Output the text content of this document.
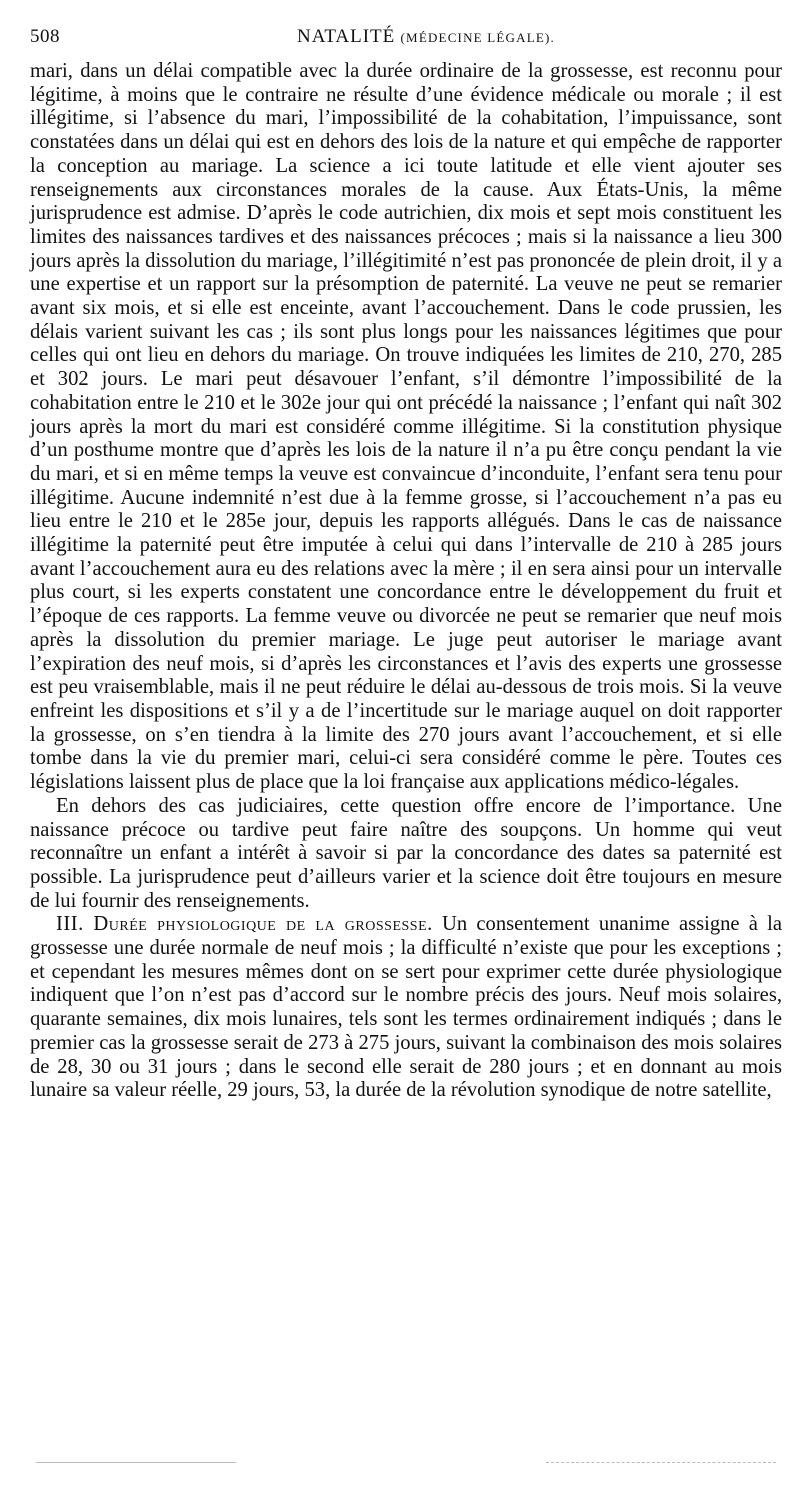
508	NATALITÉ (MÉDECINE LÉGALE).

mari, dans un délai compatible avec la durée ordinaire de la grossesse, est reconnu pour légitime, à moins que le contraire ne résulte d’une évidence médicale ou morale ; il est illégitime, si l’absence du mari, l’impossibilité de la cohabitation, l’impuissance, sont constatées dans un délai qui est en dehors des lois de la nature et qui empêche de rapporter la conception au mariage. La science a ici toute latitude et elle vient ajouter ses renseignements aux circonstances morales de la cause. Aux États-Unis, la même jurisprudence est admise. D’après le code autrichien, dix mois et sept mois constituent les limites des naissances tardives et des naissances précoces ; mais si la naissance a lieu 300 jours après la dissolution du mariage, l’illégitimité n’est pas prononcée de plein droit, il y a une expertise et un rapport sur la présomption de paternité. La veuve ne peut se remarier avant six mois, et si elle est enceinte, avant l’accouchement. Dans le code prussien, les délais varient suivant les cas ; ils sont plus longs pour les naissances légitimes que pour celles qui ont lieu en dehors du mariage. On trouve indiquées les limites de 210, 270, 285 et 302 jours. Le mari peut désavouer l’enfant, s’il démontre l’impossibilité de la cohabitation entre le 210 et le 302e jour qui ont précédé la naissance ; l’enfant qui naît 302 jours après la mort du mari est considéré comme illégitime. Si la constitution physique d’un posthume montre que d’après les lois de la nature il n’a pu être conçu pendant la vie du mari, et si en même temps la veuve est convaincue d’inconduite, l’enfant sera tenu pour illégitime. Aucune indemnité n’est due à la femme grosse, si l’accouchement n’a pas eu lieu entre le 210 et le 285e jour, depuis les rapports allégués. Dans le cas de naissance illégitime la paternité peut être imputée à celui qui dans l’intervalle de 210 à 285 jours avant l’accouchement aura eu des relations avec la mère ; il en sera ainsi pour un intervalle plus court, si les experts constatent une concordance entre le développement du fruit et l’époque de ces rapports. La femme veuve ou divorcée ne peut se remarier que neuf mois après la dissolution du premier mariage. Le juge peut autoriser le mariage avant l’expiration des neuf mois, si d’après les circonstances et l’avis des experts une grossesse est peu vraisemblable, mais il ne peut réduire le délai au-dessous de trois mois. Si la veuve enfreint les dispositions et s’il y a de l’incertitude sur le mariage auquel on doit rapporter la grossesse, on s’en tiendra à la limite des 270 jours avant l’accouchement, et si elle tombe dans la vie du premier mari, celui-ci sera considéré comme le père. Toutes ces législations laissent plus de place que la loi française aux applications médico-légales.

En dehors des cas judiciaires, cette question offre encore de l’importance. Une naissance précoce ou tardive peut faire naître des soupçons. Un homme qui veut reconnaître un enfant a intérêt à savoir si par la concordance des dates sa paternité est possible. La jurisprudence peut d’ailleurs varier et la science doit être toujours en mesure de lui fournir des renseignements.

III. Durée physiologique de la grossesse. Un consentement unanime assigne à la grossesse une durée normale de neuf mois ; la difficulté n’existe que pour les exceptions ; et cependant les mesures mêmes dont on se sert pour exprimer cette durée physiologique indiquent que l’on n’est pas d’accord sur le nombre précis des jours. Neuf mois solaires, quarante semaines, dix mois lunaires, tels sont les termes ordinairement indiqués ; dans le premier cas la grossesse serait de 273 à 275 jours, suivant la combinaison des mois solaires de 28, 30 ou 31 jours ; dans le second elle serait de 280 jours ; et en donnant au mois lunaire sa valeur réelle, 29 jours, 53, la durée de la révolution synodique de notre satellite,
